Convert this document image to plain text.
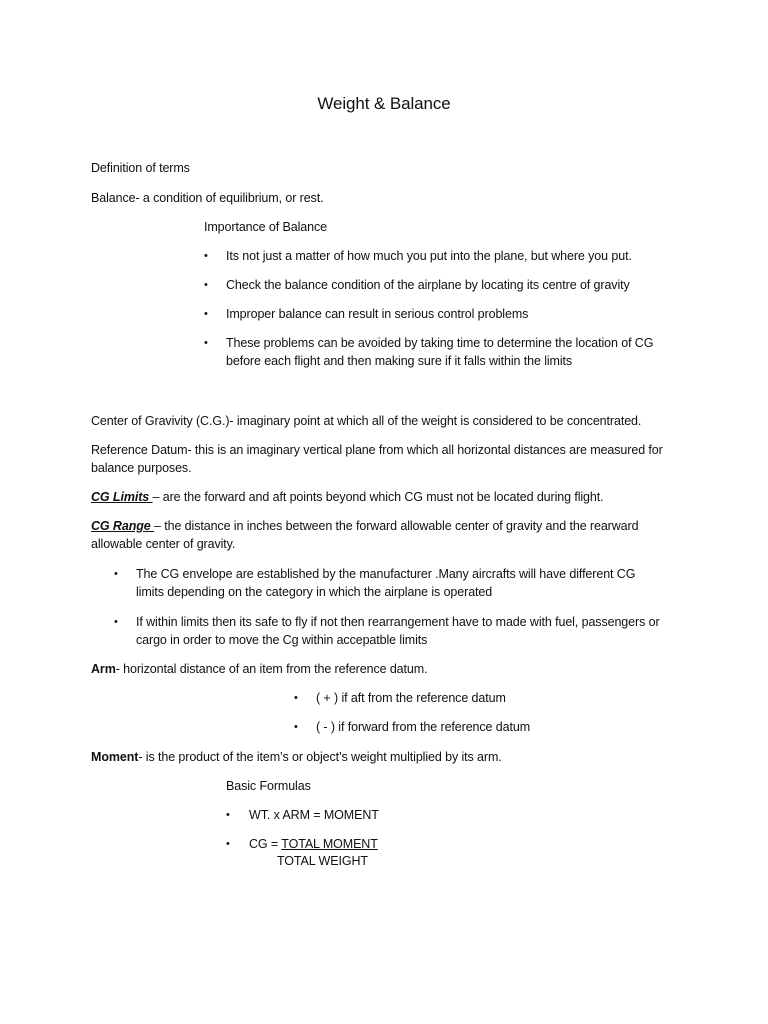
Weight & Balance
Definition of terms
Balance- a condition of equilibrium, or rest.
Importance of Balance
• Its not just a matter of how much you put into the plane, but where you put.
• Check the balance condition of the airplane by locating its centre of gravity
• Improper balance can result in serious control problems
• These problems can be avoided by taking time to determine the location of CG before each flight and then making sure if it falls within the limits
Center of Gravivity (C.G.)- imaginary point at which all of the weight is considered to be concentrated.
Reference Datum- this is an imaginary vertical plane from which all horizontal distances are measured for balance purposes.
CG Limits – are the forward and aft points beyond which CG must not be located during flight.
CG Range – the distance in inches between the forward allowable center of gravity and the rearward allowable center of gravity.
• The CG envelope are established by the manufacturer .Many aircrafts will have different CG limits depending on the category in which the airplane is operated
• If within limits then its safe to fly if not then rearrangement have to made with fuel, passengers or cargo in order to move the Cg within accepatble limits
Arm- horizontal distance of an item from the reference datum.
• ( + ) if aft from the reference datum
• ( - ) if forward from the reference datum
Moment- is the product of the item’s or object’s weight multiplied by its arm.
Basic Formulas
• WT. x ARM = MOMENT
• CG = TOTAL MOMENT
TOTAL WEIGHT
